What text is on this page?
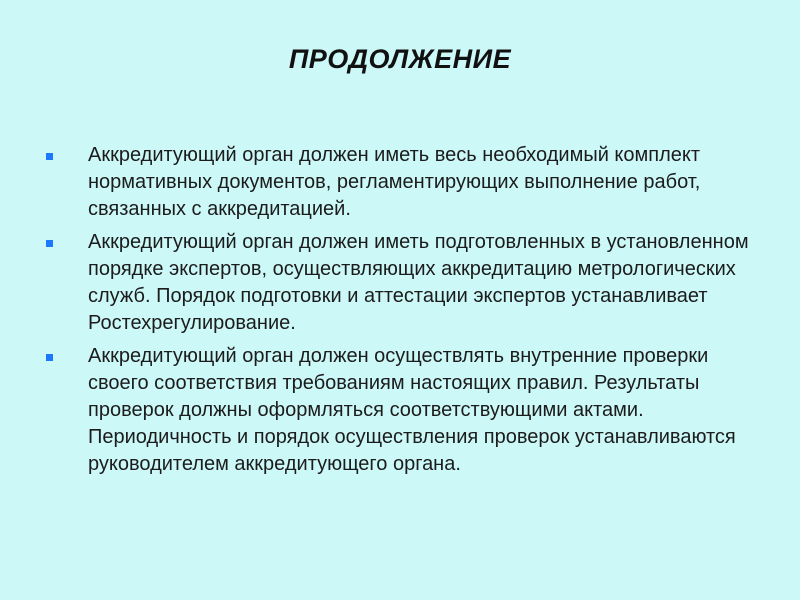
ПРОДОЛЖЕНИЕ
Аккредитующий орган должен иметь весь необходимый комплект нормативных документов, регламентирующих выполнение работ, связанных с аккредитацией.
Аккредитующий орган должен иметь подготовленных в установленном порядке экспертов, осуществляющих аккредитацию метрологических служб. Порядок подготовки и аттестации экспертов устанавливает Ростехрегулирование.
Аккредитующий орган должен осуществлять внутренние проверки своего соответствия требованиям настоящих правил. Результаты проверок должны оформляться соответствующими актами. Периодичность и порядок осуществления проверок устанавливаются руководителем аккредитующего органа.
